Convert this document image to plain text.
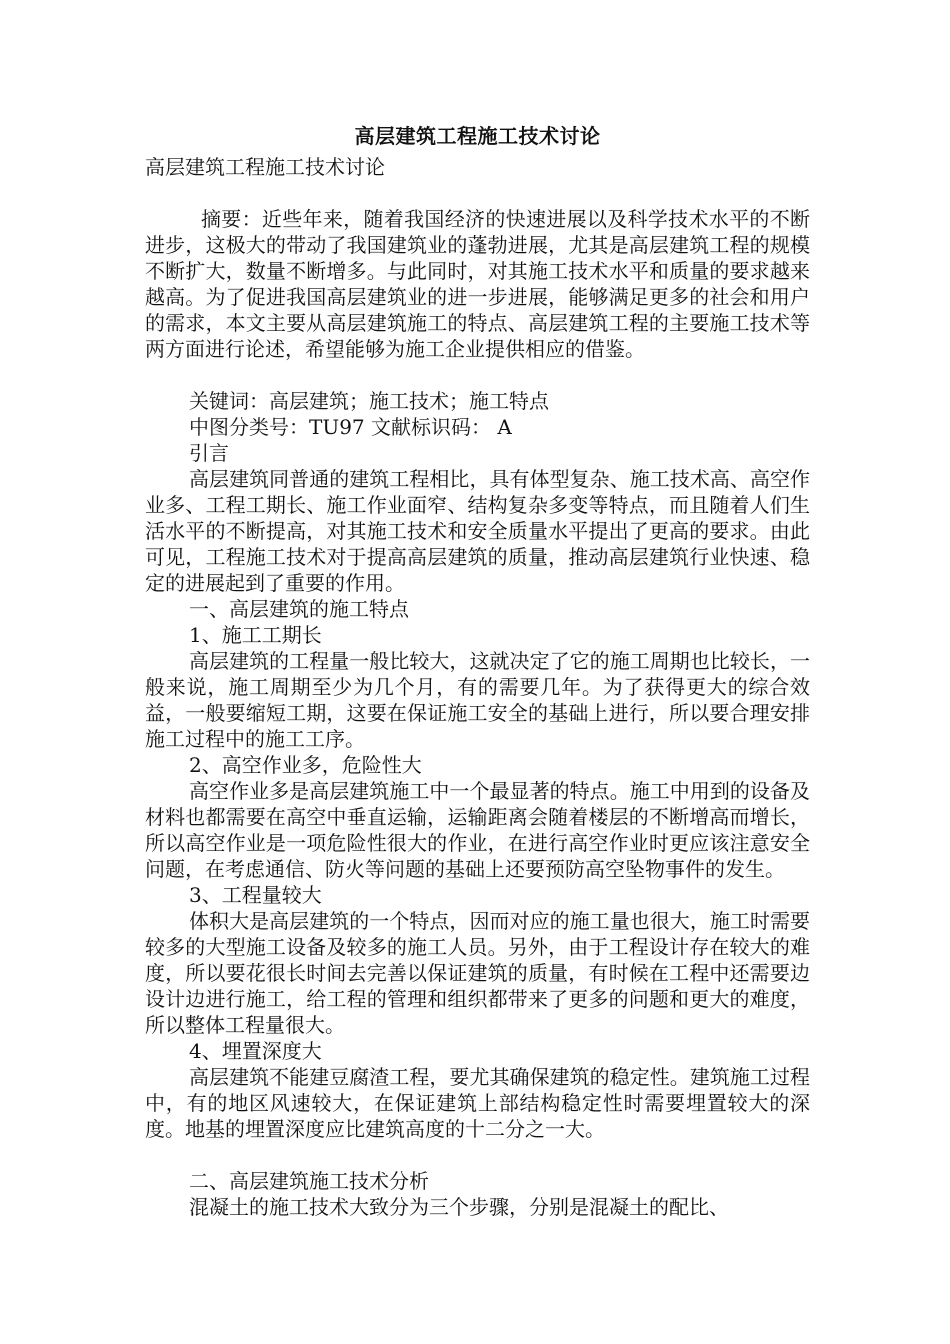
高层建筑工程施工技术讨论

高层建筑工程施工技术讨论

摘要：近些年来，随着我国经济的快速进展以及科学技术水平的不断进步，这极大的带动了我国建筑业的蓬勃进展，尤其是高层建筑工程的规模不断扩大，数量不断增多。与此同时，对其施工技术水平和质量的要求越来越高。为了促进我国高层建筑业的进一步进展，能够满足更多的社会和用户的需求，本文主要从高层建筑施工的特点、高层建筑工程的主要施工技术等两方面进行论述，希望能够为施工企业提供相应的借鉴。

关键词：高层建筑；施工技术；施工特点

中图分类号：TU97 文献标识码： A

引言

高层建筑同普通的建筑工程相比，具有体型复杂、施工技术高、高空作业多、工程工期长、施工作业面窄、结构复杂多变等特点，而且随着人们生活水平的不断提高，对其施工技术和安全质量水平提出了更高的要求。由此可见，工程施工技术对于提高高层建筑的质量，推动高层建筑行业快速、稳定的进展起到了重要的作用。

一、高层建筑的施工特点

1、施工工期长

高层建筑的工程量一般比较大，这就决定了它的施工周期也比较长，一般来说，施工周期至少为几个月，有的需要几年。为了获得更大的综合效益，一般要缩短工期，这要在保证施工安全的基础上进行，所以要合理安排施工过程中的施工工序。

2、高空作业多，危险性大

高空作业多是高层建筑施工中一个最显著的特点。施工中用到的设备及材料也都需要在高空中垂直运输，运输距离会随着楼层的不断增高而增长，所以高空作业是一项危险性很大的作业，在进行高空作业时更应该注意安全问题，在考虑通信、防火等问题的基础上还要预防高空坠物事件的发生。

3、工程量较大

体积大是高层建筑的一个特点，因而对应的施工量也很大，施工时需要较多的大型施工设备及较多的施工人员。另外，由于工程设计存在较大的难度，所以要花很长时间去完善以保证建筑的质量，有时候在工程中还需要边设计边进行施工，给工程的管理和组织都带来了更多的问题和更大的难度，所以整体工程量很大。

4、埋置深度大

高层建筑不能建豆腐渣工程，要尤其确保建筑的稳定性。建筑施工过程中，有的地区风速较大，在保证建筑上部结构稳定性时需要埋置较大的深度。地基的埋置深度应比建筑高度的十二分之一大。

二、高层建筑施工技术分析

混凝土的施工技术大致分为三个步骤，分别是混凝土的配比、
